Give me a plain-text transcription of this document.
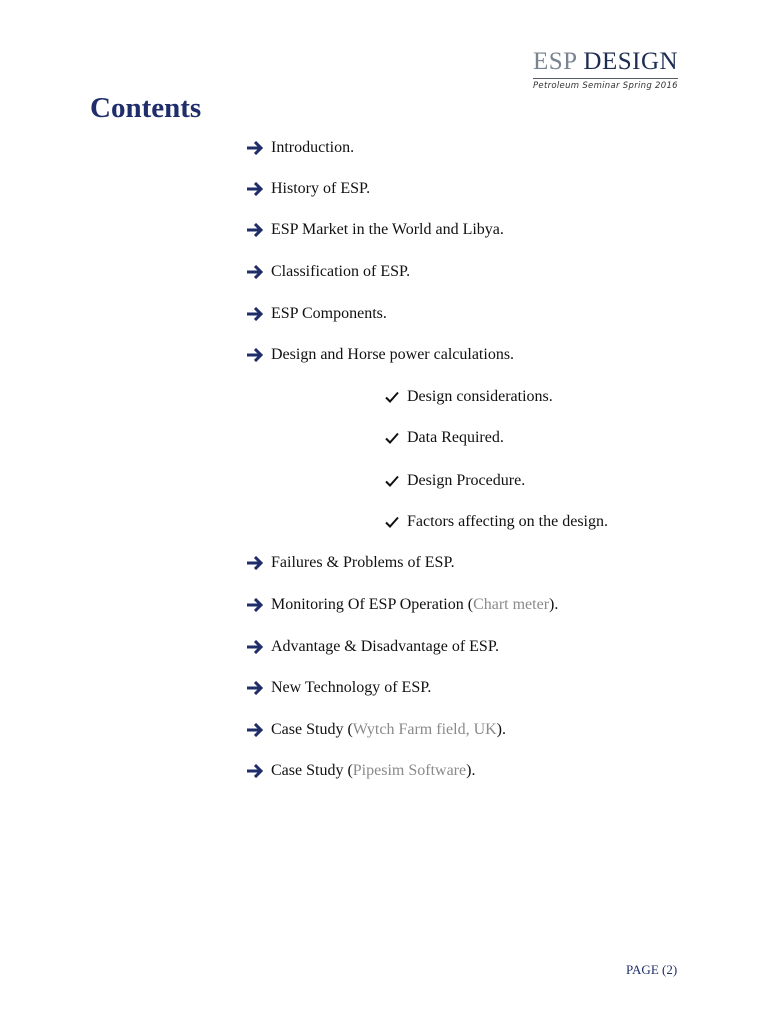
ESP DESIGN
Petroleum Seminar Spring 2016
Contents
Introduction.
History of ESP.
ESP Market in the World and Libya.
Classification of ESP.
ESP Components.
Design and Horse power calculations.
Design considerations.
Data Required.
Design Procedure.
Factors affecting on the design.
Failures & Problems of ESP.
Monitoring Of ESP Operation ( Chart meter ).
Advantage & Disadvantage of ESP.
New Technology of ESP.
Case Study ( Wytch Farm field, UK ).
Case Study ( Pipesim Software ).
PAGE (2)
